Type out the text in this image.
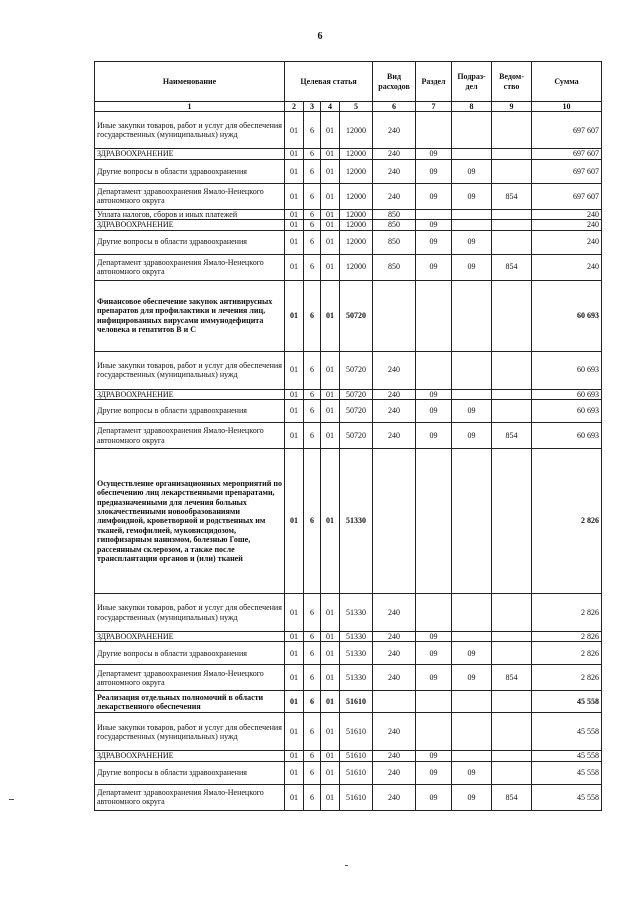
6
Наименование	Целевая статья				Вид расходов	Раздел	Подраз-дел	Ведом-ство	Сумма
1	2	3	4	5	6	7	8	9	10
Иные закупки товаров, работ и услуг для обеспечения государственных (муниципальных) нужд	01	6	01	12000	240				697 607
ЗДРАВООХРАНЕНИЕ	01	6	01	12000	240	09			697 607
Другие вопросы в области здравоохранения	01	6	01	12000	240	09	09		697 607
Департамент здравоохранения Ямало-Ненецкого автономного округа	01	6	01	12000	240	09	09	854	697 607
Уплата налогов, сборов и иных платежей	01	6	01	12000	850				240
ЗДРАВООХРАНЕНИЕ	01	6	01	12000	850	09			240
Другие вопросы в области здравоохранения	01	6	01	12000	850	09	09		240
Департамент здравоохранения Ямало-Ненецкого автономного округа	01	6	01	12000	850	09	09	854	240
Финансовое обеспечение закупок антивирусных препаратов для профилактики и лечения лиц, инфицированных вирусами иммунодефицита человека и гепатитов В и С	01	6	01	50720					60 693
Иные закупки товаров, работ и услуг для обеспечения государственных (муниципальных) нужд	01	6	01	50720	240				60 693
ЗДРАВООХРАНЕНИЕ	01	6	01	50720	240	09			60 693
Другие вопросы в области здравоохранения	01	6	01	50720	240	09	09		60 693
Департамент здравоохранения Ямало-Ненецкого автономного округа	01	6	01	50720	240	09	09	854	60 693
Осуществление организационных мероприятий по обеспечению лиц лекарственными препаратами, предназначенными для лечения больных злокачественными новообразованиями лимфоидной, кроветворной и родственных им тканей, гемофилией, муковисцидозом, гипофизарным нанизмом, болезнью Гоше, рассеянным склерозом, а также после трансплантации органов и (или) тканей	01	6	01	51330					2 826
Иные закупки товаров, работ и услуг для обеспечения государственных (муниципальных) нужд	01	6	01	51330	240				2 826
ЗДРАВООХРАНЕНИЕ	01	6	01	51330	240	09			2 826
Другие вопросы в области здравоохранения	01	6	01	51330	240	09	09		2 826
Департамент здравоохранения Ямало-Ненецкого автономного округа	01	6	01	51330	240	09	09	854	2 826
Реализация отдельных полномочий в области лекарственного обеспечения	01	6	01	51610					45 558
Иные закупки товаров, работ и услуг для обеспечения государственных (муниципальных) нужд	01	6	01	51610	240				45 558
ЗДРАВООХРАНЕНИЕ	01	6	01	51610	240	09			45 558
Другие вопросы в области здравоохранения	01	6	01	51610	240	09	09		45 558
Департамент здравоохранения Ямало-Ненецкого автономного округа	01	6	01	51610	240	09	09	854	45 558
